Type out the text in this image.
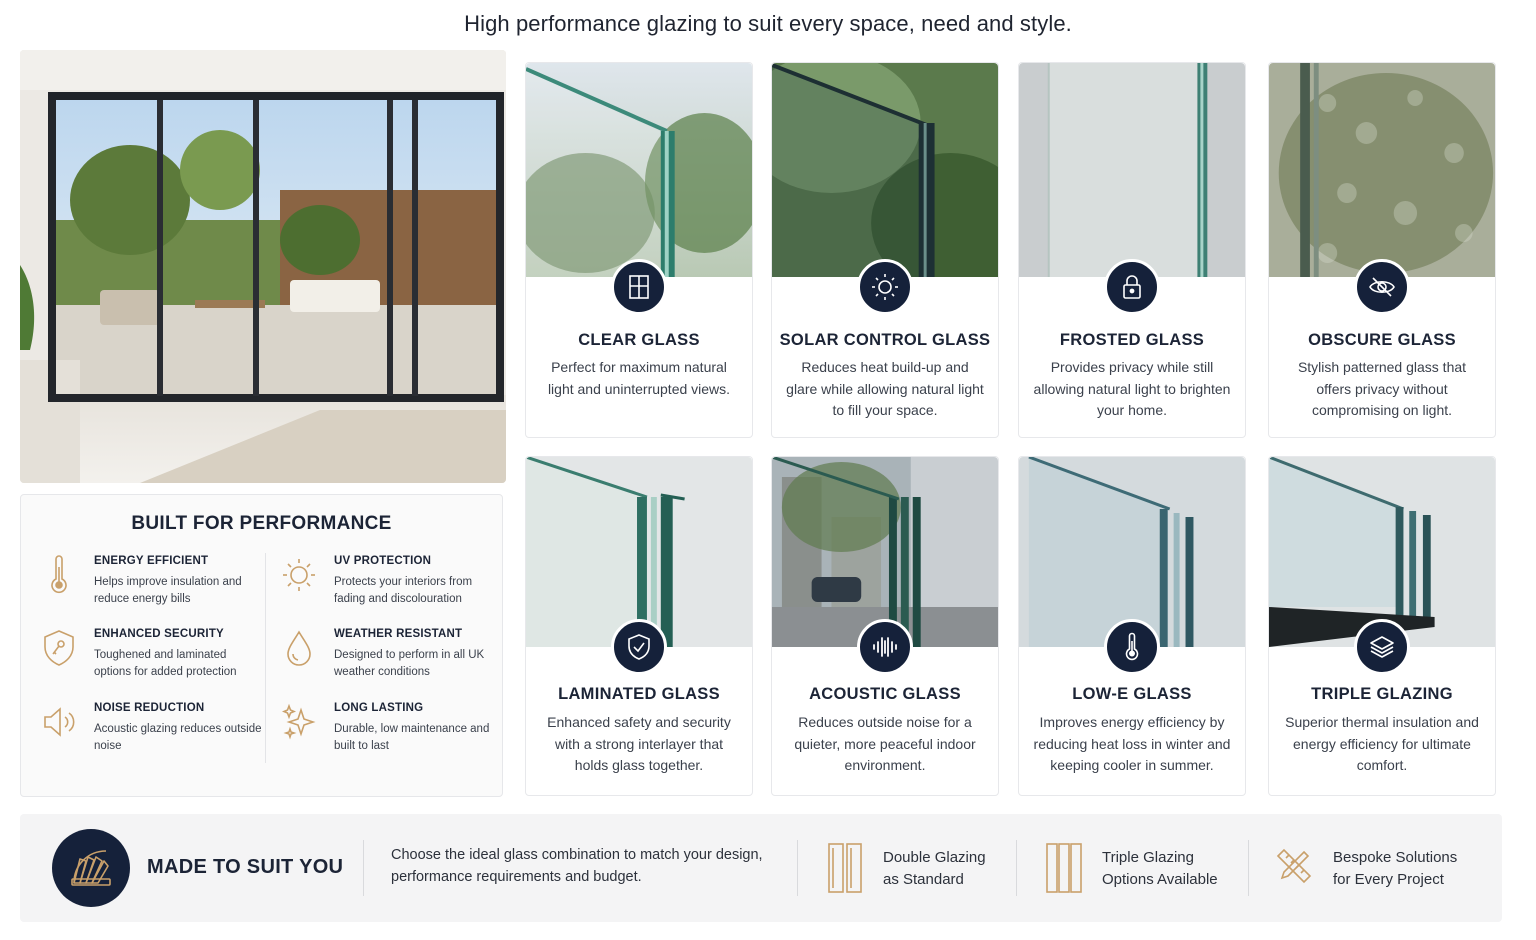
High performance glazing to suit every space, need and style.
BUILT FOR PERFORMANCE
ENERGY EFFICIENT
Helps improve insulation and reduce energy bills
UV PROTECTION
Protects your interiors from fading and discolouration
ENHANCED SECURITY
Toughened and laminated options for added protection
WEATHER RESISTANT
Designed to perform in all UK weather conditions
NOISE REDUCTION
Acoustic glazing reduces outside noise
LONG LASTING
Durable, low maintenance and built to last
CLEAR GLASS
Perfect for maximum natural light and uninterrupted views.
SOLAR CONTROL GLASS
Reduces heat build-up and glare while allowing natural light to fill your space.
FROSTED GLASS
Provides privacy while still allowing natural light to brighten your home.
OBSCURE GLASS
Stylish patterned glass that offers privacy without compromising on light.
LAMINATED GLASS
Enhanced safety and security with a strong interlayer that holds glass together.
ACOUSTIC GLASS
Reduces outside noise for a quieter, more peaceful indoor environment.
LOW-E GLASS
Improves energy efficiency by reducing heat loss in winter and keeping cooler in summer.
TRIPLE GLAZING
Superior thermal insulation and energy efficiency for ultimate comfort.
MADE TO SUIT YOU
Choose the ideal glass combination to match your design, performance requirements and budget.
Double Glazing
as Standard
Triple Glazing
Options Available
Bespoke Solutions
for Every Project
